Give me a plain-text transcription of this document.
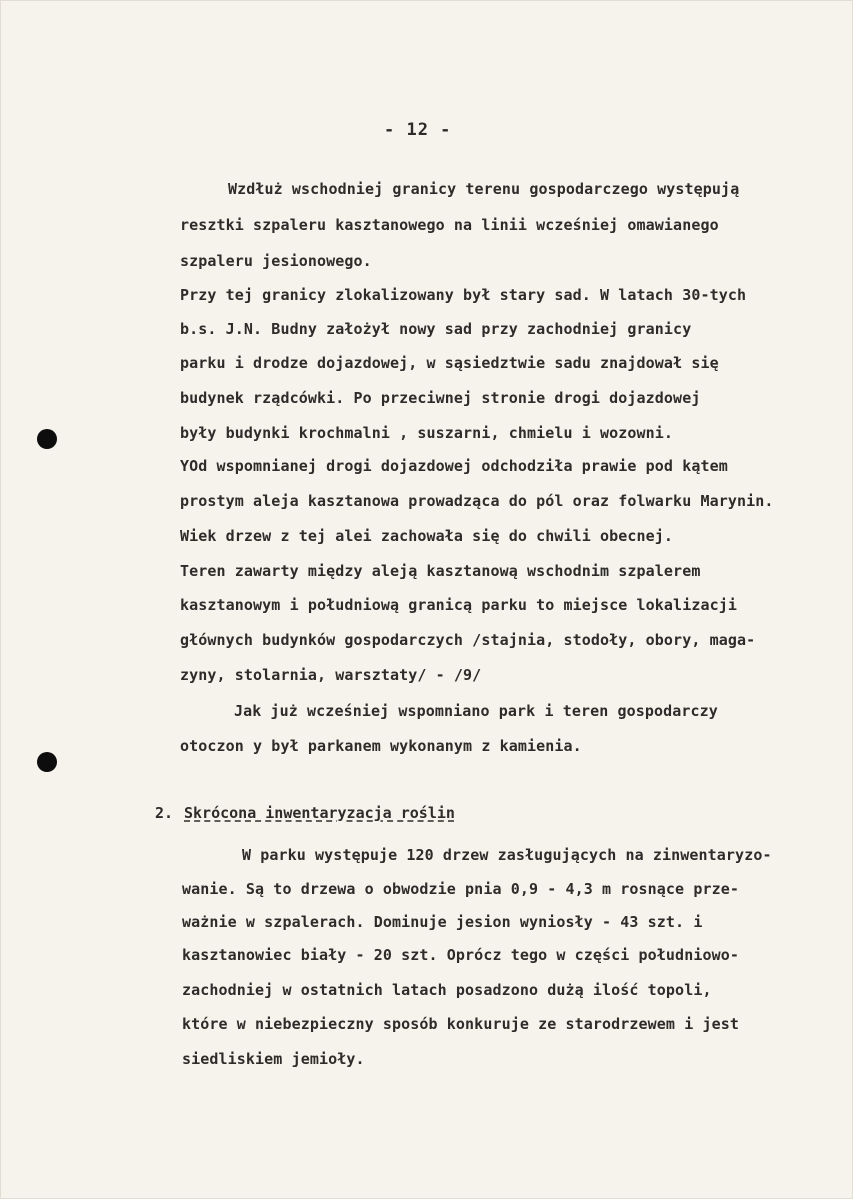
- 12 -
Wzdłuż wschodniej granicy terenu gospodarczego występują
resztki szpaleru kasztanowego na linii wcześniej omawianego
szpaleru jesionowego.
Przy tej granicy zlokalizowany był stary sad. W latach 30-tych
b.s. J.N. Budny założył nowy sad przy zachodniej granicy
parku i drodze dojazdowej, w sąsiedztwie sadu znajdował się
budynek rządcówki. Po przeciwnej stronie drogi dojazdowej
były budynki krochmalni , suszarni, chmielu i wozowni.
YOd wspomnianej drogi dojazdowej odchodziła prawie pod kątem
prostym aleja kasztanowa prowadząca do pól oraz folwarku Marynin.
Wiek drzew z tej alei zachowała się do chwili obecnej.
Teren zawarty między aleją kasztanową wschodnim szpalerem
kasztanowym i południową granicą parku to miejsce lokalizacji
głównych budynków gospodarczych /stajnia, stodoły, obory, maga-
zyny, stolarnia, warsztaty/ - /9/
Jak już wcześniej wspomniano park i teren gospodarczy
otoczon y był parkanem wykonanym z kamienia.
2. Skrócona inwentaryzacja roślin
W parku występuje 120 drzew zasługujących na zinwentaryzo-
wanie. Są to drzewa o obwodzie pnia 0,9 - 4,3 m rosnące prze-
ważnie w szpalerach. Dominuje jesion wyniosły - 43 szt. i
kasztanowiec biały - 20 szt. Oprócz tego w części południowo-
zachodniej w ostatnich latach posadzono dużą ilość topoli,
które w niebezpieczny sposób konkuruje ze starodrzewem i jest
siedliskiem jemioły.
